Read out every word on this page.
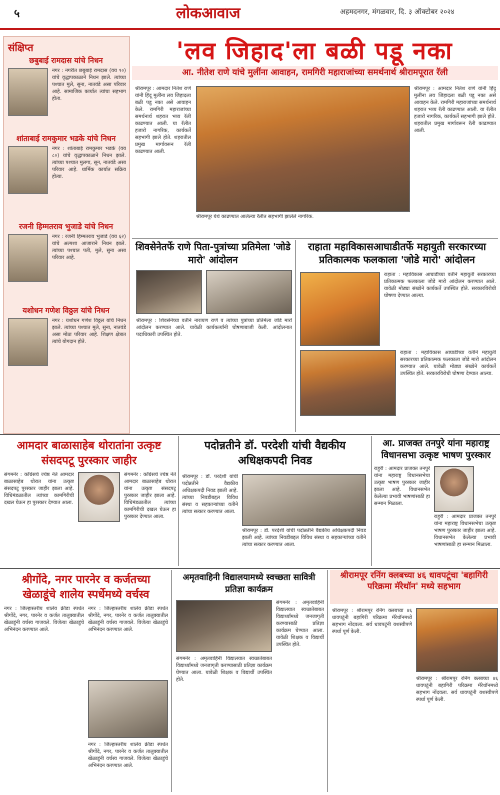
५	लोकआवाज	अहमदनगर, मंगळवार, दि. ३ ऑक्टोबर २०२४
संक्षिप्त
छबुबाई रामदास यांचे निधन
नगर : नगरीत छबुबाई रामदास (वय ९०) यांचे वृद्धापकाळाने निधन झाले. त्यांच्या पश्चात मुले, सुना, नातवंडे असा परिवार आहे. सामाजिक कार्यात त्यांचा सहभाग होता.
शांताबाई रामकुमार भडके यांचे निधन
नगर : शांताबाई रामकुमार भडके (वय ८०) यांचे वृद्धापकाळाने निधन झाले. त्यांच्या पश्चात मुलगा, सून, नातवंडे असा परिवार आहे. धार्मिक कार्यात सक्रिय होत्या.
रजनी हिम्मतराव भुजाडे यांचे निधन
नगर : रजनी हिम्मतराव भुजाडे (वय ६२) यांचे अल्पशा आजाराने निधन झाले. त्यांच्या पश्चात पती, मुले, सुना असा परिवार आहे.
यशोधन गणेश विठ्ठल यांचे निधन
नगर : यशोधन गणेश विठ्ठल यांचे निधन झाले. त्यांच्या पश्चात मुले, सुना, नातवंडे असा मोठा परिवार आहे. शिक्षण क्षेत्रात त्यांचे योगदान होते.
'लव जिहाद'ला बळी पडू नका
आ. नीतेश राणे यांचे मुलींना आवाहन, रामगिरी महाराजांच्या समर्थनार्थ श्रीरामपूरात रॅली
श्रीरामपूर : आमदार नितेश राणे यांनी हिंदू मुलींना लव जिहादला बळी पडू नका असे आवाहन केले. रामगिरी महाराजांच्या समर्थनार्थ शहरात भव्य रॅली काढण्यात आली. या रॅलीत हजारो नागरिक, कार्यकर्ते सहभागी झाले होते. शहरातील प्रमुख मार्गावरून रॅली काढण्यात आली.
श्रीरामपूर : आमदार नितेश राणे यांनी हिंदू मुलींना लव जिहादला बळी पडू नका असे आवाहन केले. रामगिरी महाराजांच्या समर्थनार्थ शहरात भव्य रॅली काढण्यात आली. या रॅलीत हजारो नागरिक, कार्यकर्ते सहभागी झाले होते. शहरातील प्रमुख मार्गावरून रॅली काढण्यात आली.
श्रीरामपूर येथे काढण्यात आलेल्या रॅलीत सहभागी झालेले नागरिक.
शिवसेनेतर्फे राणे पिता-पुत्रांच्या प्रतिमेला 'जोडे मारो' आंदोलन
श्रीरामपूर : शिवसेनेच्या वतीने नारायण राणे व त्यांच्या पुत्रांच्या प्रतिमेला जोडे मारो आंदोलन करण्यात आले. यावेळी कार्यकर्त्यांनी घोषणाबाजी केली. आंदोलनात पदाधिकारी उपस्थित होते.
राहाता महाविकासआघाडीतर्फे महायुती सरकारच्या प्रतिकात्मक फलकाला 'जोडे मारो' आंदोलन
राहाता : महाविकास आघाडीच्या वतीने महायुती सरकारच्या प्रतिकात्मक फलकाला जोडे मारो आंदोलन करण्यात आले. यावेळी मोठ्या संख्येने कार्यकर्ते उपस्थित होते. सरकारविरोधी घोषणा देण्यात आल्या.
राहाता : महाविकास आघाडीच्या वतीने महायुती सरकारच्या प्रतिकात्मक फलकाला जोडे मारो आंदोलन करण्यात आले. यावेळी मोठ्या संख्येने कार्यकर्ते उपस्थित होते. सरकारविरोधी घोषणा देण्यात आल्या.
आमदार बाळासाहेब थोरातांना उत्कृष्ट संसदपटू पुरस्कार जाहीर
संगमनेर : काँग्रेसचे ज्येष्ठ नेते आमदार बाळासाहेब थोरात यांना उत्कृष्ट संसदपटू पुरस्कार जाहीर झाला आहे. विधिमंडळातील त्यांच्या कामगिरीची दखल घेऊन हा पुरस्कार देण्यात आला.
संगमनेर : काँग्रेसचे ज्येष्ठ नेते आमदार बाळासाहेब थोरात यांना उत्कृष्ट संसदपटू पुरस्कार जाहीर झाला आहे. विधिमंडळातील त्यांच्या कामगिरीची दखल घेऊन हा पुरस्कार देण्यात आला.
पदोन्नतीने डॉ. परदेशी यांची वैद्यकीय अधिक्षकपदी निवड
श्रीरामपूर : डॉ. परदेशी यांची पदोन्नतीने वैद्यकीय अधिक्षकपदी निवड झाली आहे. त्यांच्या निवडीबद्दल विविध संस्था व सहकाऱ्यांच्या वतीने त्यांचा सत्कार करण्यात आला.
श्रीरामपूर : डॉ. परदेशी यांची पदोन्नतीने वैद्यकीय अधिक्षकपदी निवड झाली आहे. त्यांच्या निवडीबद्दल विविध संस्था व सहकाऱ्यांच्या वतीने त्यांचा सत्कार करण्यात आला.
आ. प्राजक्त तनपुरे यांना महाराष्ट्र विधानसभा उत्कृष्ट भाषण पुरस्कार
राहुरी : आमदार प्राजक्त तनपुरे यांना महाराष्ट्र विधानसभेचा उत्कृष्ट भाषण पुरस्कार जाहीर झाला आहे. विधानसभेत केलेल्या प्रभावी भाषणांसाठी हा सन्मान मिळाला.
राहुरी : आमदार प्राजक्त तनपुरे यांना महाराष्ट्र विधानसभेचा उत्कृष्ट भाषण पुरस्कार जाहीर झाला आहे. विधानसभेत केलेल्या प्रभावी भाषणांसाठी हा सन्मान मिळाला.
श्रीगोंदे, नगर पारनेर व कर्जतच्या खेळाडूंचे शालेय स्पर्धेमध्ये वर्चस्व
नगर : जिल्हास्तरीय शालेय क्रीडा स्पर्धेत श्रीगोंदे, नगर, पारनेर व कर्जत तालुक्यातील खेळाडूंनी वर्चस्व गाजवले. विजेत्या खेळाडूंचे अभिनंदन करण्यात आले.
नगर : जिल्हास्तरीय शालेय क्रीडा स्पर्धेत श्रीगोंदे, नगर, पारनेर व कर्जत तालुक्यातील खेळाडूंनी वर्चस्व गाजवले. विजेत्या खेळाडूंचे अभिनंदन करण्यात आले.
नगर : जिल्हास्तरीय शालेय क्रीडा स्पर्धेत श्रीगोंदे, नगर, पारनेर व कर्जत तालुक्यातील खेळाडूंनी वर्चस्व गाजवले. विजेत्या खेळाडूंचे अभिनंदन करण्यात आले.
अमृतवाहिनी विद्यालयामध्ये स्वच्छता सावित्री प्रतिज्ञा कार्यक्रम
संगमनेर : अमृतवाहिनी विद्यालयात स्वच्छतेबाबत विद्यार्थ्यांमध्ये जनजागृती करण्यासाठी प्रतिज्ञा कार्यक्रम घेण्यात आला. यावेळी शिक्षक व विद्यार्थी उपस्थित होते.
संगमनेर : अमृतवाहिनी विद्यालयात स्वच्छतेबाबत विद्यार्थ्यांमध्ये जनजागृती करण्यासाठी प्रतिज्ञा कार्यक्रम घेण्यात आला. यावेळी शिक्षक व विद्यार्थी उपस्थित होते.
श्रीरामपूर रनिंग क्लबच्या ४६ धावपटूंचा 'बहागिरी परिक्रमा मॅरेथॉन' मध्ये सहभाग
श्रीरामपूर : श्रीरामपूर रनिंग क्लबच्या ४६ धावपटूंनी बहागिरी परिक्रमा मॅरेथॉनमध्ये सहभाग नोंदवला. सर्व धावपटूंनी यशस्वीपणे स्पर्धा पूर्ण केली.
श्रीरामपूर : श्रीरामपूर रनिंग क्लबच्या ४६ धावपटूंनी बहागिरी परिक्रमा मॅरेथॉनमध्ये सहभाग नोंदवला. सर्व धावपटूंनी यशस्वीपणे स्पर्धा पूर्ण केली.
